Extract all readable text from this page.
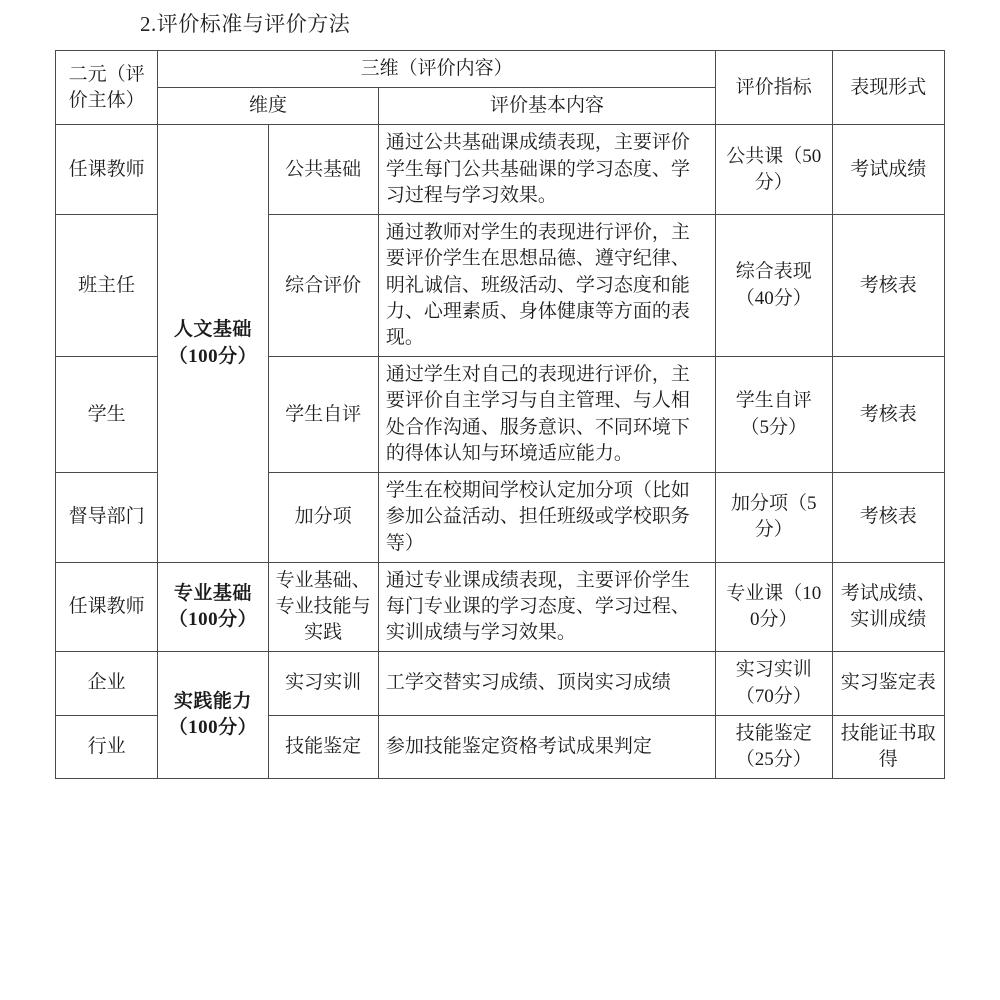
2.评价标准与评价方法
二元（评价主体）	三维（评价内容）			评价指标	表现形式
	维度		评价基本内容		
任课教师	人文基础（100分）	公共基础	通过公共基础课成绩表现，主要评价学生每门公共基础课的学习态度、学习过程与学习效果。	公共课（50分）	考试成绩
班主任		综合评价	通过教师对学生的表现进行评价，主要评价学生在思想品德、遵守纪律、明礼诚信、班级活动、学习态度和能力、心理素质、身体健康等方面的表现。	综合表现（40分）	考核表
学生		学生自评	通过学生对自己的表现进行评价，主要评价自主学习与自主管理、与人相处合作沟通、服务意识、不同环境下的得体认知与环境适应能力。	学生自评（5分）	考核表
督导部门		加分项	学生在校期间学校认定加分项（比如参加公益活动、担任班级或学校职务等）	加分项（5分）	考核表
任课教师	专业基础（100分）	专业基础、专业技能与实践	通过专业课成绩表现，主要评价学生每门专业课的学习态度、学习过程、实训成绩与学习效果。	专业课（100分）	考试成绩、实训成绩
企业	实践能力（100分）	实习实训	工学交替实习成绩、顶岗实习成绩	实习实训（70分）	实习鉴定表
行业		技能鉴定	参加技能鉴定资格考试成果判定	技能鉴定（25分）	技能证书取得
